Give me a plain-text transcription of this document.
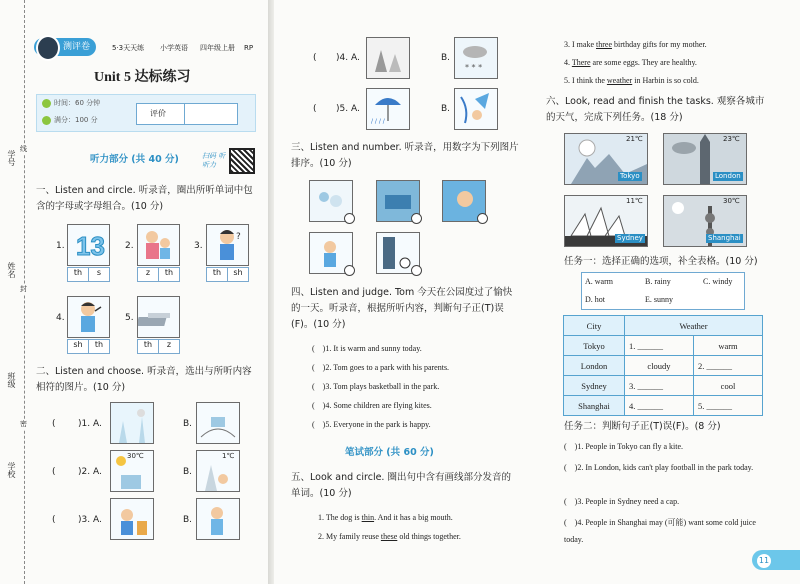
学号
姓名
班级
学校
线
封
密
测评卷	5·3天天练 小学英语 四年级上册 RP
Unit 5 达标练习
时间：60 分钟
满分：100 分
评价
听力部分 (共 40 分)	扫码 听听力
一、Listen and circle. 听录音，圈出所听单词中包含的字母或字母组合。(10 分)
1. 13
th	s
2.
z	th
3.
?
th	sh
4.
sh	th
5.
th	z
二、Listen and choose. 听录音，选出与所听内容相符的图片。(10 分)
( )1. A.	B.
( )2. A.
30℃
B.
1℃
( )3. A.	B.
( )4. A.	B.
* * *
( )5. A.
/ / / /
B.
三、Listen and number. 听录音，用数字为下列图片排序。(10 分)
四、Listen and judge. Tom 今天在公园度过了愉快的一天。听录音，根据所听内容，判断句子正(T)误(F)。(10 分)
( )1. It is warm and sunny today.
( )2. Tom goes to a park with his parents.
( )3. Tom plays basketball in the park.
( )4. Some children are flying kites.
( )5. Everyone in the park is happy.
笔试部分 (共 60 分)
五、Look and circle. 圈出句中含有画线部分发音的单词。(10 分)
1. The dog is thin. And it has a big mouth.
2. My family reuse these old things together.
3. I make three birthday gifts for my mother.
4. There are some eggs. They are healthy.
5. I think the weather in Harbin is so cold.
六、Look, read and finish the tasks. 观察各城市的天气，完成下列任务。(18 分)
21℃
Tokyo
23℃
London
11℃
Sydney
30℃
Shanghai
任务一：选择正确的选项，补全表格。(10 分)
A. warm	B. rainy	C. windy
D. hot	E. sunny
City	Weather	
Tokyo	1. ______	warm
London	cloudy	2. ______
Sydney	3. ______	cool
Shanghai	4. ______	5. ______
任务二：判断句子正(T)误(F)。(8 分)
( )1. People in Tokyo can fly a kite.
( )2. In London, kids can't play football in the park today.
( )3. People in Sydney need a cap.
( )4. People in Shanghai may (可能) want some cold juice today.
11
